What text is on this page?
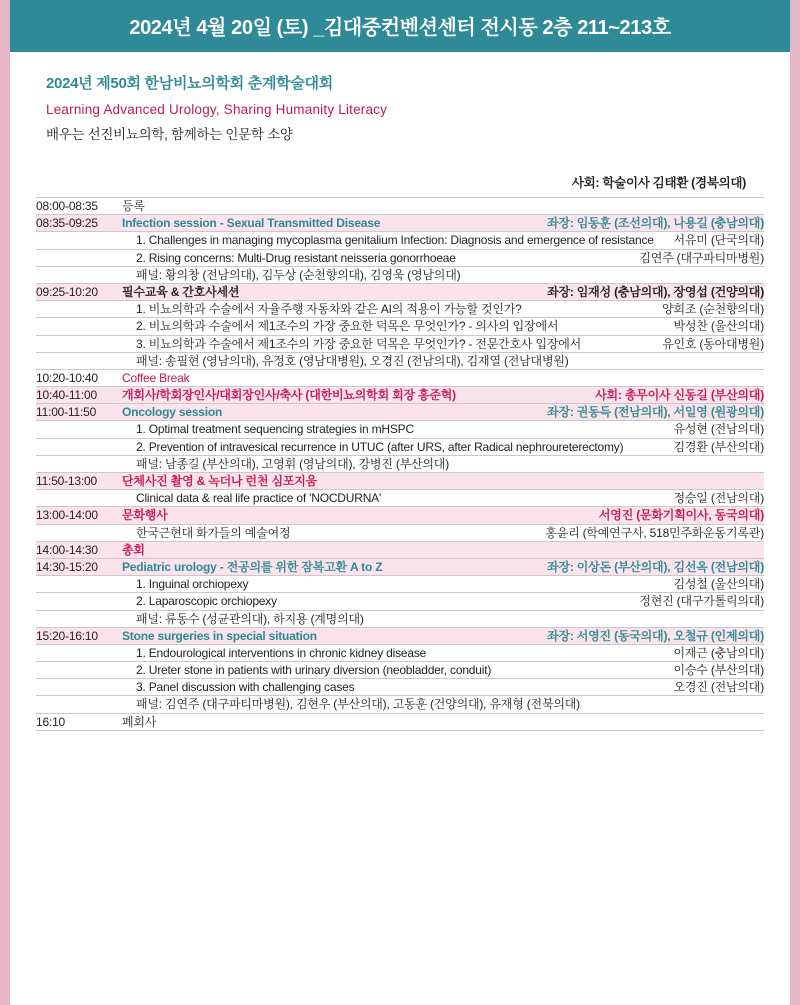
2024년 4월 20일 (토) _김대중컨벤션센터 전시동 2층 211~213호
2024년 제50회 한남비뇨의학회 춘계학술대회
Learning Advanced Urology, Sharing Humanity Literacy
배우는 선진비뇨의학, 함께하는 인문학 소양
사회: 학술이사 김태환 (경북의대)
08:00-08:35	등록

08:35-09:25	Infection session - Sexual Transmitted Disease 좌장: 임동훈 (조선의대), 나용길 (충남의대)

	1. Challenges in managing mycoplasma genitalium Infection: Diagnosis and emergence of resistance 서유미 (단국의대)

	2. Rising concerns: Multi-Drug resistant neisseria gonorrhoeae 김연주 (대구파티마병원)

	패널: 황의창 (전남의대), 김두상 (순천향의대), 김영욱 (영남의대)

09:25-10:20	필수교육 & 간호사세션 좌장: 임재성 (충남의대), 장영섭 (건양의대)

	1. 비뇨의학과 수술에서 자율주행 자동차와 같은 AI의 적용이 가능할 것인가? 양회조 (순천향의대)

	2. 비뇨의학과 수술에서 제1조수의 가장 중요한 덕목은 무엇인가? - 의사의 입장에서 박성찬 (울산의대)

	3. 비뇨의학과 수술에서 제1조수의 가장 중요한 덕목은 무엇인가? - 전문간호사 입장에서 유인호 (동아대병원)

	패널: 송필현 (영남의대), 유정호 (영남대병원), 오경진 (전남의대), 김재열 (전남대병원)

10:20-10:40	Coffee Break

10:40-11:00	개회사/학회장인사/대회장인사/축사 (대한비뇨의학회 회장 홍준혁) 사회: 총무이사 신동길 (부산의대)

11:00-11:50	Oncology session 좌장: 권동득 (전남의대), 서일영 (원광의대)

	1. Optimal treatment sequencing strategies in mHSPC 유성현 (전남의대)

	2. Prevention of intravesical recurrence in UTUC (after URS, after Radical nephroureterectomy) 김경환 (부산의대)

	패널: 남종길 (부산의대), 고영휘 (영남의대), 강병진 (부산의대)

11:50-13:00	단체사진 촬영 & 녹더나 런천 심포지움

	Clinical data & real life practice of 'NOCDURNA' 정승일 (전남의대)

13:00-14:00	문화행사 서영진 (문화기획이사, 동국의대)

	한국근현대 화가들의 예술여정 홍윤리 (학예연구사, 518민주화운동기록관)

14:00-14:30	총회

14:30-15:20	Pediatric urology - 전공의를 위한 잠복고환 A to Z 좌장: 이상돈 (부산의대), 김선옥 (전남의대)

	1. Inguinal orchiopexy 김성철 (울산의대)

	2. Laparoscopic orchiopexy 정현진 (대구가톨릭의대)

	패널: 류동수 (성균관의대), 하지용 (계명의대)

15:20-16:10	Stone surgeries in special situation 좌장: 서영진 (동국의대), 오철규 (인제의대)

	1. Endourological interventions in chronic kidney disease 이재근 (충남의대)

	2. Ureter stone in patients with urinary diversion (neobladder, conduit) 이승수 (부산의대)

	3. Panel discussion with challenging cases 오경진 (전남의대)

	패널: 김연주 (대구파티마병원), 김현우 (부산의대), 고동훈 (건양의대), 유재형 (전북의대)

16:10	폐회사
